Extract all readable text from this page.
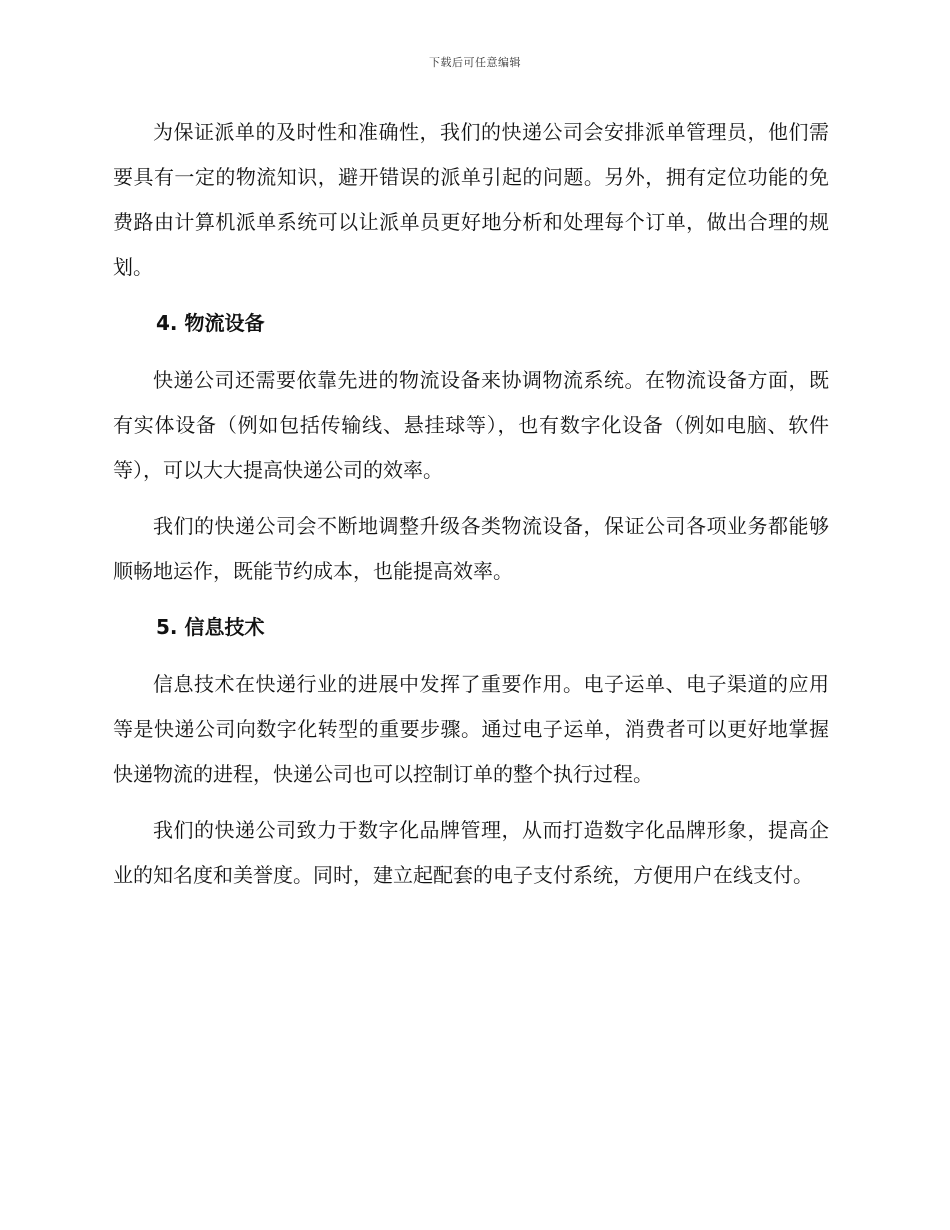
下载后可任意编辑

为保证派单的及时性和准确性，我们的快递公司会安排派单管理员，他们需要具有一定的物流知识，避开错误的派单引起的问题。另外，拥有定位功能的免费路由计算机派单系统可以让派单员更好地分析和处理每个订单，做出合理的规划。

4. 物流设备

快递公司还需要依靠先进的物流设备来协调物流系统。在物流设备方面，既有实体设备（例如包括传输线、悬挂球等），也有数字化设备（例如电脑、软件等），可以大大提高快递公司的效率。

我们的快递公司会不断地调整升级各类物流设备，保证公司各项业务都能够顺畅地运作，既能节约成本，也能提高效率。

5. 信息技术

信息技术在快递行业的进展中发挥了重要作用。电子运单、电子渠道的应用等是快递公司向数字化转型的重要步骤。通过电子运单，消费者可以更好地掌握快递物流的进程，快递公司也可以控制订单的整个执行过程。

我们的快递公司致力于数字化品牌管理，从而打造数字化品牌形象，提高企业的知名度和美誉度。同时，建立起配套的电子支付系统，方便用户在线支付。
